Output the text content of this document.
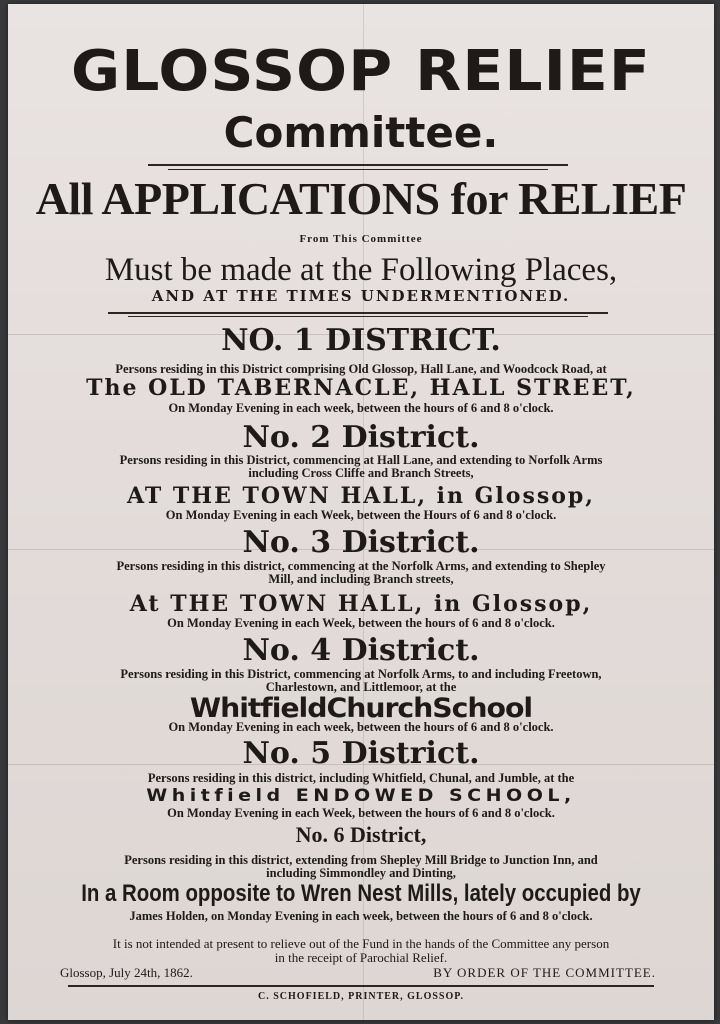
GLOSSOP RELIEF
Committee.
All APPLICATIONS for RELIEF
From This Committee
Must be made at the Following Places,
AND AT THE TIMES UNDERMENTIONED.
NO. 1 DISTRICT.
Persons residing in this District comprising Old Glossop, Hall Lane, and Woodcock Road, at
The OLD TABERNACLE, HALL STREET,
On Monday Evening in each week, between the hours of 6 and 8 o'clock.
No. 2 District.
Persons residing in this District, commencing at Hall Lane, and extending to Norfolk Arms
including Cross Cliffe and Branch Streets,
AT THE TOWN HALL, in Glossop,
On Monday Evening in each Week, between the Hours of 6 and 8 o'clock.
No. 3 District.
Persons residing in this district, commencing at the Norfolk Arms, and extending to Shepley
Mill, and including Branch streets,
At THE TOWN HALL, in Glossop,
On Monday Evening in each Week, between the hours of 6 and 8 o'clock.
No. 4 District.
Persons residing in this District, commencing at Norfolk Arms, to and including Freetown,
Charlestown, and Littlemoor, at the
WhitfieldChurchSchool
On Monday Evening in each week, between the hours of 6 and 8 o'clock.
No. 5 District.
Persons residing in this district, including Whitfield, Chunal, and Jumble, at the
Whitfield ENDOWED SCHOOL,
On Monday Evening in each Week, between the hours of 6 and 8 o'clock.
No. 6 District,
Persons residing in this district, extending from Shepley Mill Bridge to Junction Inn, and
including Simmondley and Dinting,
In a Room opposite to Wren Nest Mills, lately occupied by
James Holden, on Monday Evening in each week, between the hours of 6 and 8 o'clock.
It is not intended at present to relieve out of the Fund in the hands of the Committee any person
in the receipt of Parochial Relief.
Glossop, July 24th, 1862.	BY ORDER OF THE COMMITTEE.
C. SCHOFIELD, PRINTER, GLOSSOP.
